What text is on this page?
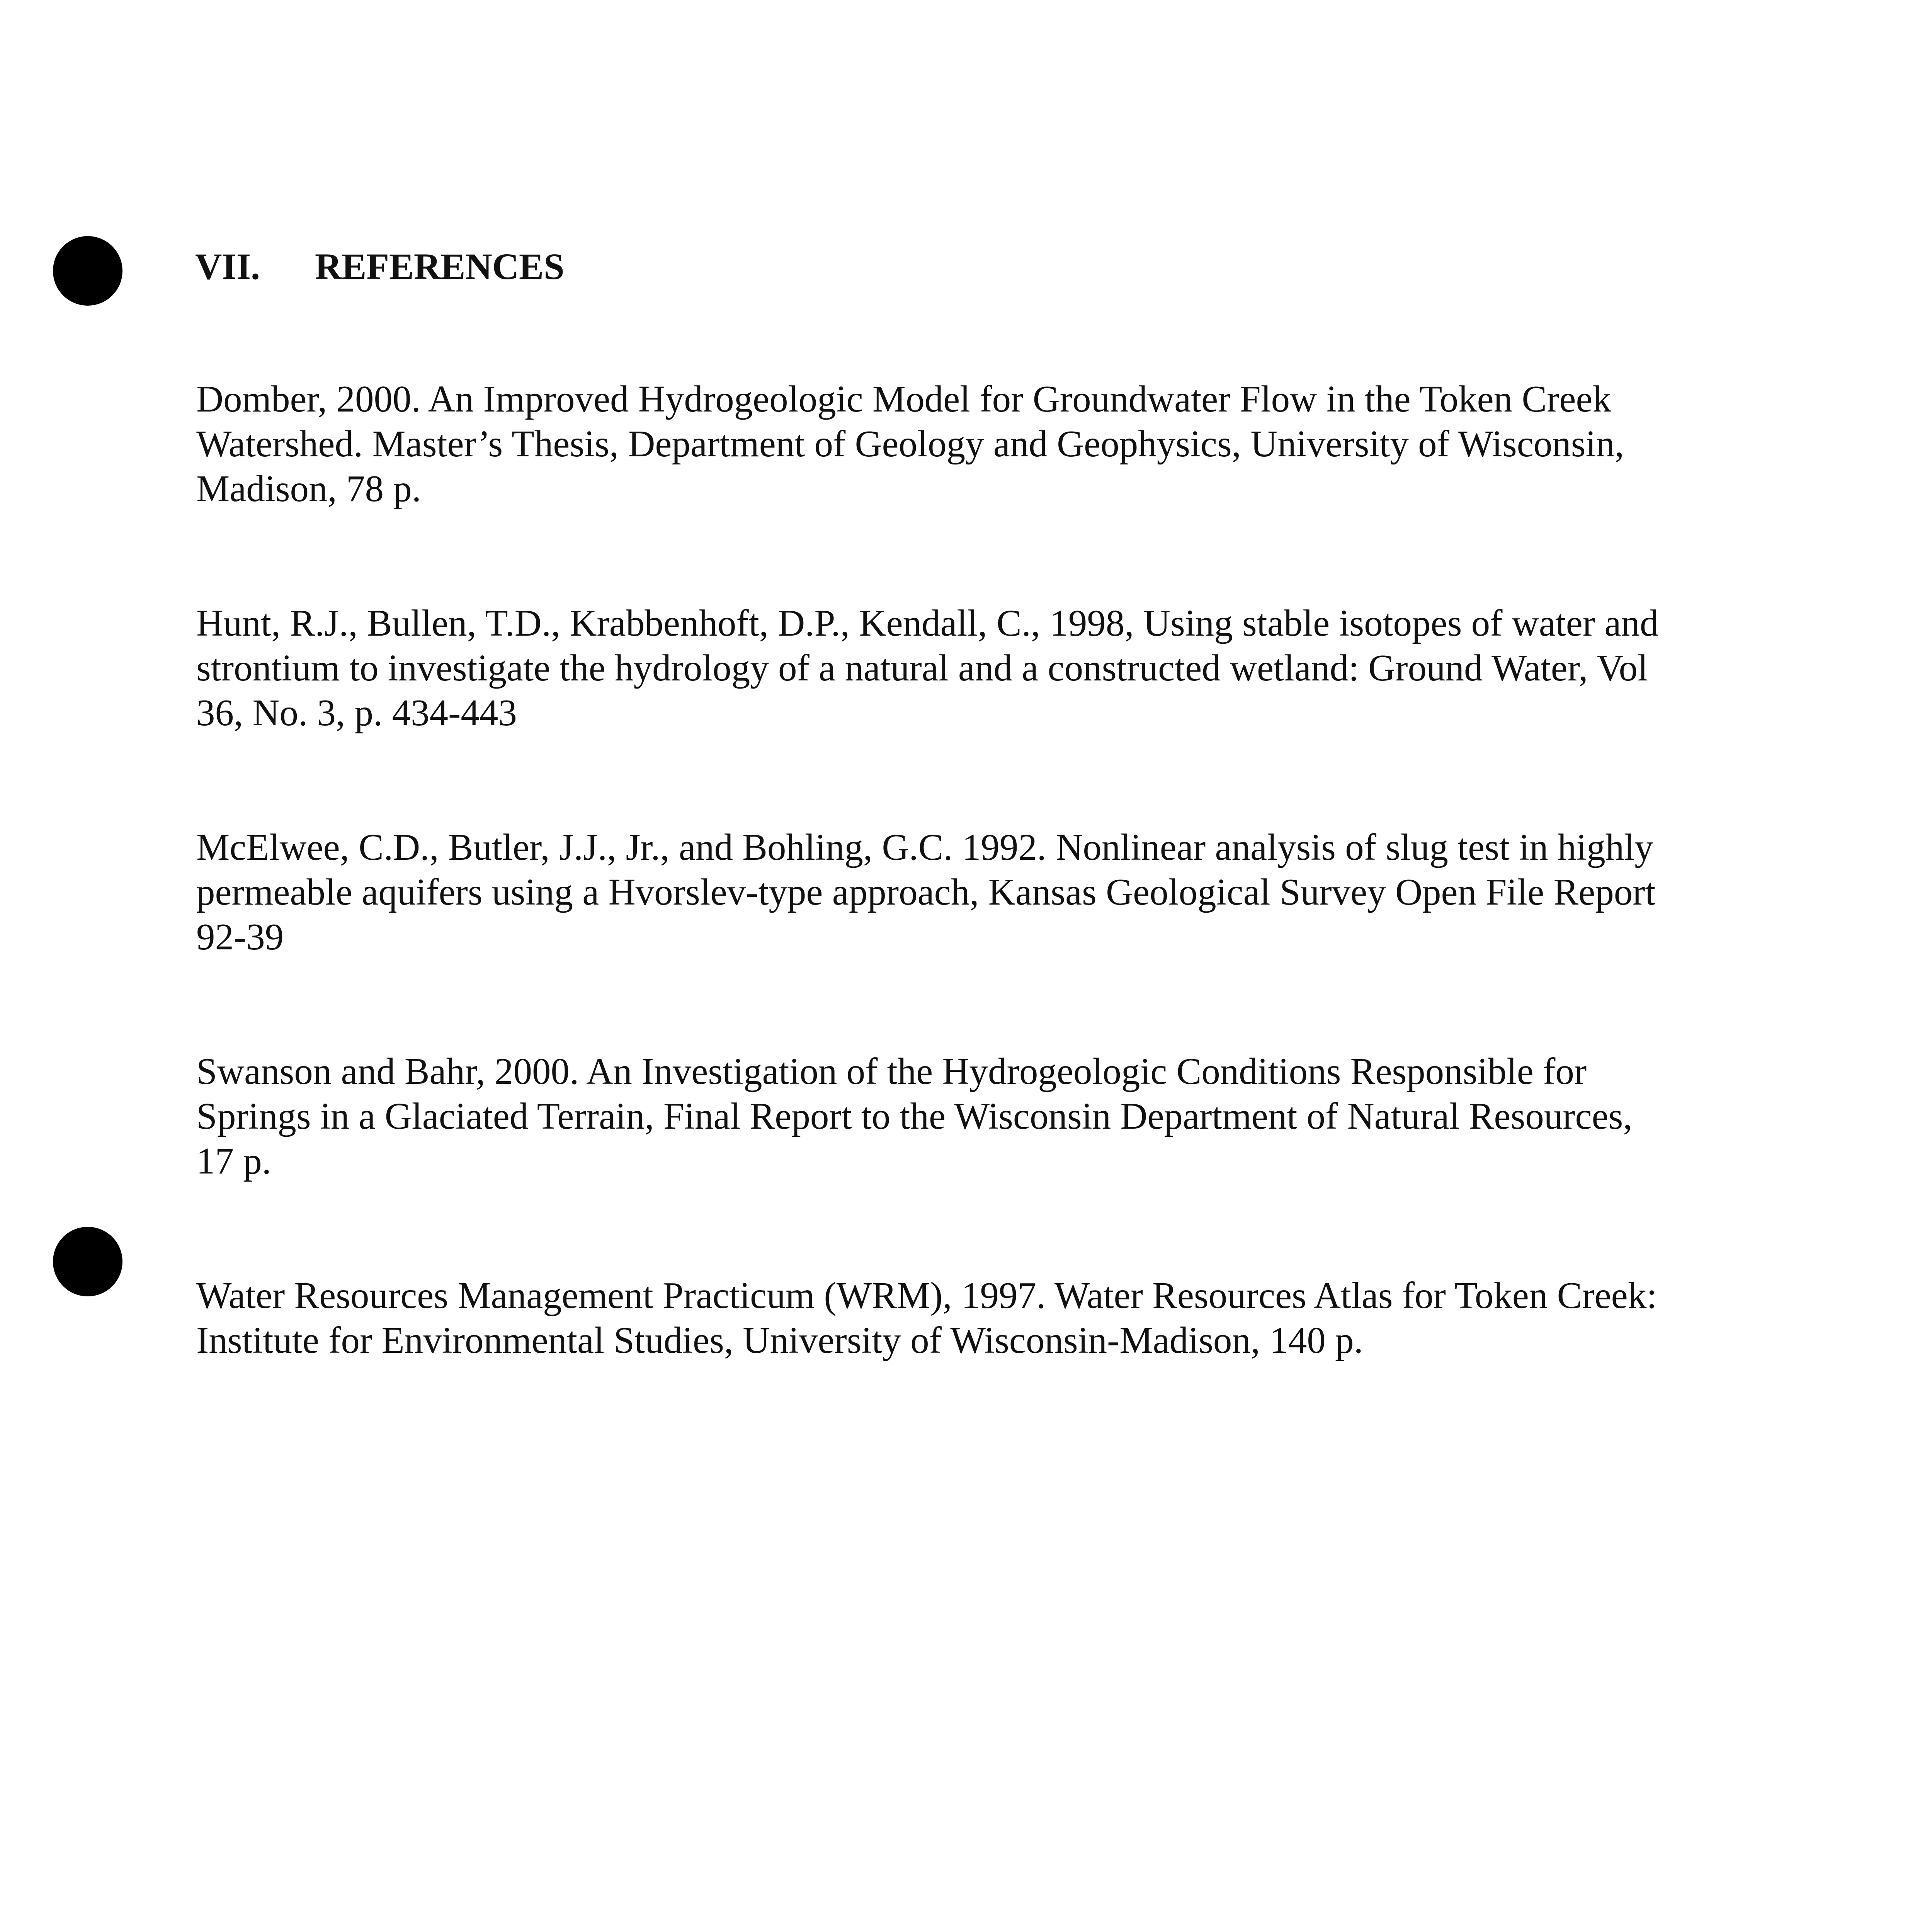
VII. REFERENCES
Domber, 2000. An Improved Hydrogeologic Model for Groundwater Flow in the Token Creek
Watershed. Master’s Thesis, Department of Geology and Geophysics, University of Wisconsin,
Madison, 78 p.
Hunt, R.J., Bullen, T.D., Krabbenhoft, D.P., Kendall, C., 1998, Using stable isotopes of water and
strontium to investigate the hydrology of a natural and a constructed wetland: Ground Water, Vol
36, No. 3, p. 434-443
McElwee, C.D., Butler, J.J., Jr., and Bohling, G.C. 1992. Nonlinear analysis of slug test in highly
permeable aquifers using a Hvorslev-type approach, Kansas Geological Survey Open File Report
92-39
Swanson and Bahr, 2000. An Investigation of the Hydrogeologic Conditions Responsible for
Springs in a Glaciated Terrain, Final Report to the Wisconsin Department of Natural Resources,
17 p.
Water Resources Management Practicum (WRM), 1997. Water Resources Atlas for Token Creek:
Institute for Environmental Studies, University of Wisconsin-Madison, 140 p.
